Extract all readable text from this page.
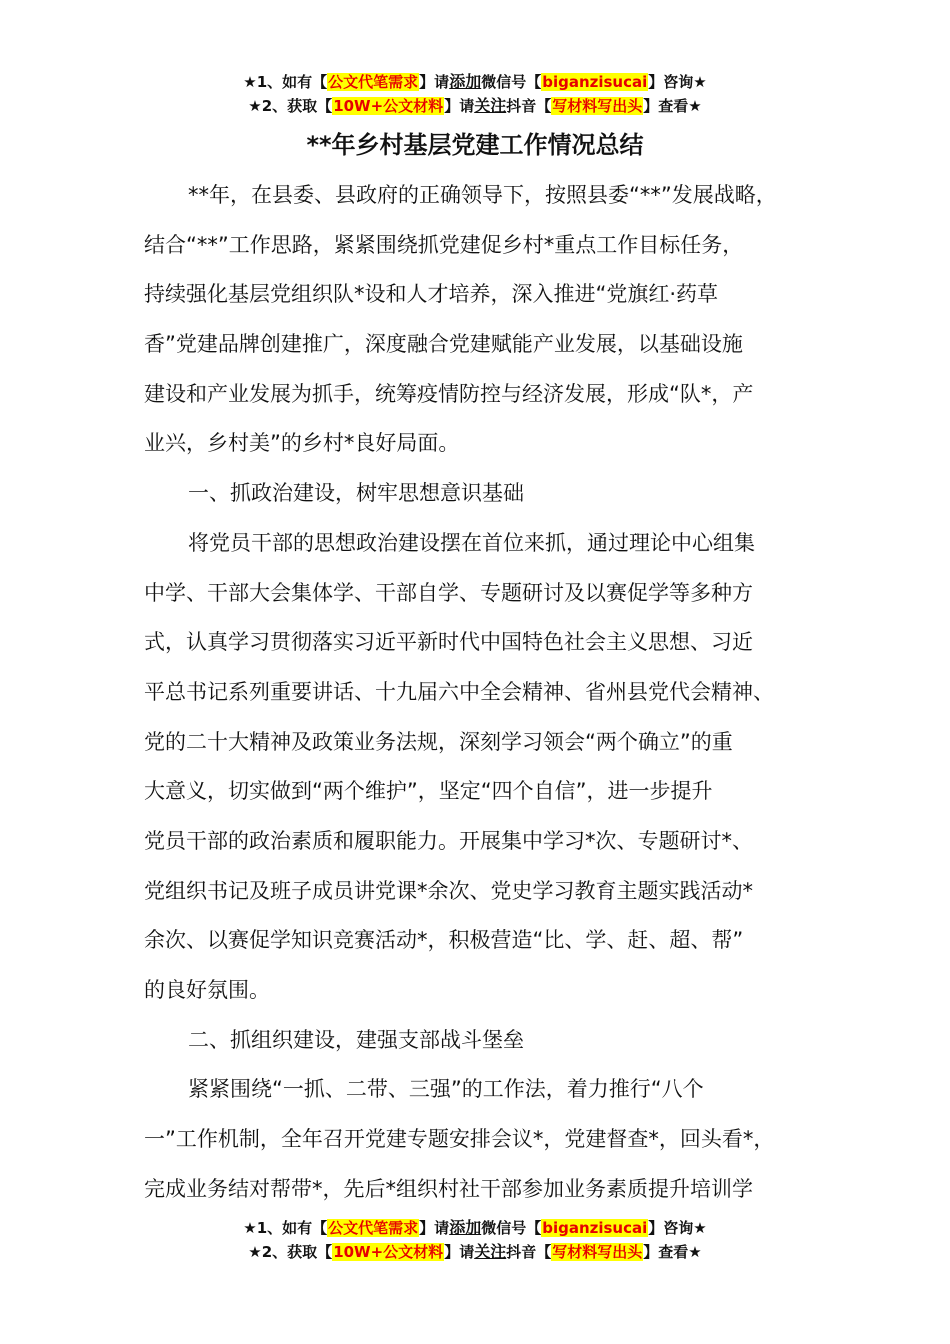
★1、如有【公文代笔需求】请添加微信号【biganzisucai】咨询★
★2、获取【10W+公文材料】请关注抖音【写材料写出头】查看★
**年乡村基层党建工作情况总结
**年，在县委、县政府的正确领导下，按照县委“**”发展战略，
结合“**”工作思路，紧紧围绕抓党建促乡村*重点工作目标任务，
持续强化基层党组织队*设和人才培养，深入推进“党旗红·药草
香”党建品牌创建推广，深度融合党建赋能产业发展，以基础设施
建设和产业发展为抓手，统筹疫情防控与经济发展，形成“队*，产
业兴，乡村美”的乡村*良好局面。
一、抓政治建设，树牢思想意识基础
将党员干部的思想政治建设摆在首位来抓，通过理论中心组集
中学、干部大会集体学、干部自学、专题研讨及以赛促学等多种方
式，认真学习贯彻落实习近平新时代中国特色社会主义思想、习近
平总书记系列重要讲话、十九届六中全会精神、省州县党代会精神、
党的二十大精神及政策业务法规，深刻学习领会“两个确立”的重
大意义，切实做到“两个维护”，坚定“四个自信”，进一步提升
党员干部的政治素质和履职能力。开展集中学习*次、专题研讨*、
党组织书记及班子成员讲党课*余次、党史学习教育主题实践活动*
余次、以赛促学知识竞赛活动*，积极营造“比、学、赶、超、帮”
的良好氛围。
二、抓组织建设，建强支部战斗堡垒
紧紧围绕“一抓、二带、三强”的工作法，着力推行“八个
一”工作机制，全年召开党建专题安排会议*，党建督查*，回头看*，
完成业务结对帮带*，先后*组织村社干部参加业务素质提升培训学
★1、如有【公文代笔需求】请添加微信号【biganzisucai】咨询★
★2、获取【10W+公文材料】请关注抖音【写材料写出头】查看★
